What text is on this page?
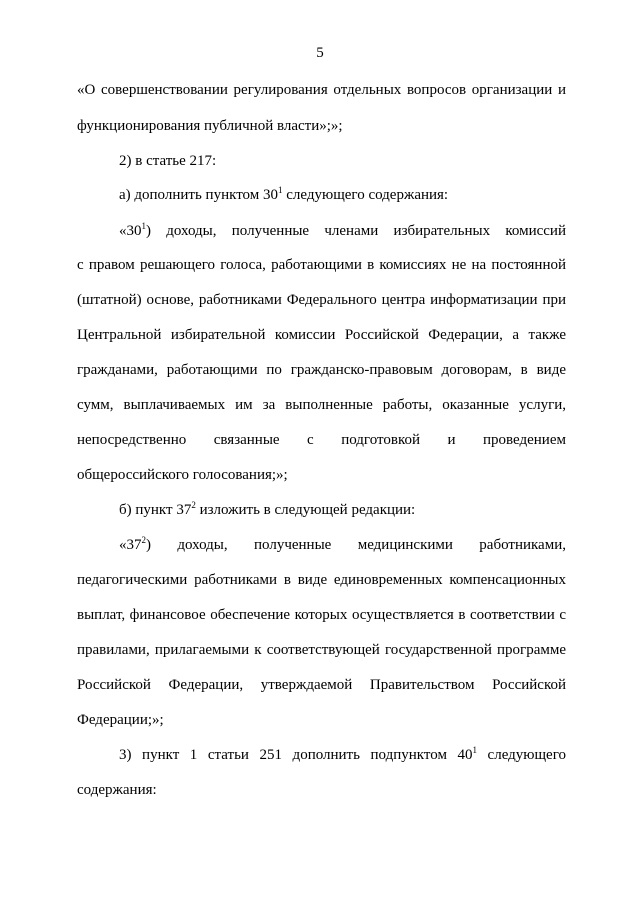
5
«О совершенствовании регулирования отдельных вопросов организации и
функционирования публичной власти»;»;
2) в статье 217:
а) дополнить пунктом $30^1$ следующего содержания:
«$30^1$) доходы, полученные членами избирательных комиссий
с правом решающего голоса, работающими в комиссиях не на постоянной
(штатной) основе, работниками Федерального центра информатизации при
Центральной избирательной комиссии Российской Федерации, а также
гражданами, работающими по гражданско-правовым договорам, в виде
сумм, выплачиваемых им за выполненные работы, оказанные услуги,
непосредственно связанные с подготовкой и проведением
общероссийского голосования;»;
б) пункт $37^2$ изложить в следующей редакции:
«$37^2$) доходы, полученные медицинскими работниками,
педагогическими работниками в виде единовременных компенсационных
выплат, финансовое обеспечение которых осуществляется в соответствии с
правилами, прилагаемыми к соответствующей государственной программе
Российской Федерации, утверждаемой Правительством Российской
Федерации;»;
3) пункт 1 статьи 251 дополнить подпунктом $40^1$ следующего
содержания:
